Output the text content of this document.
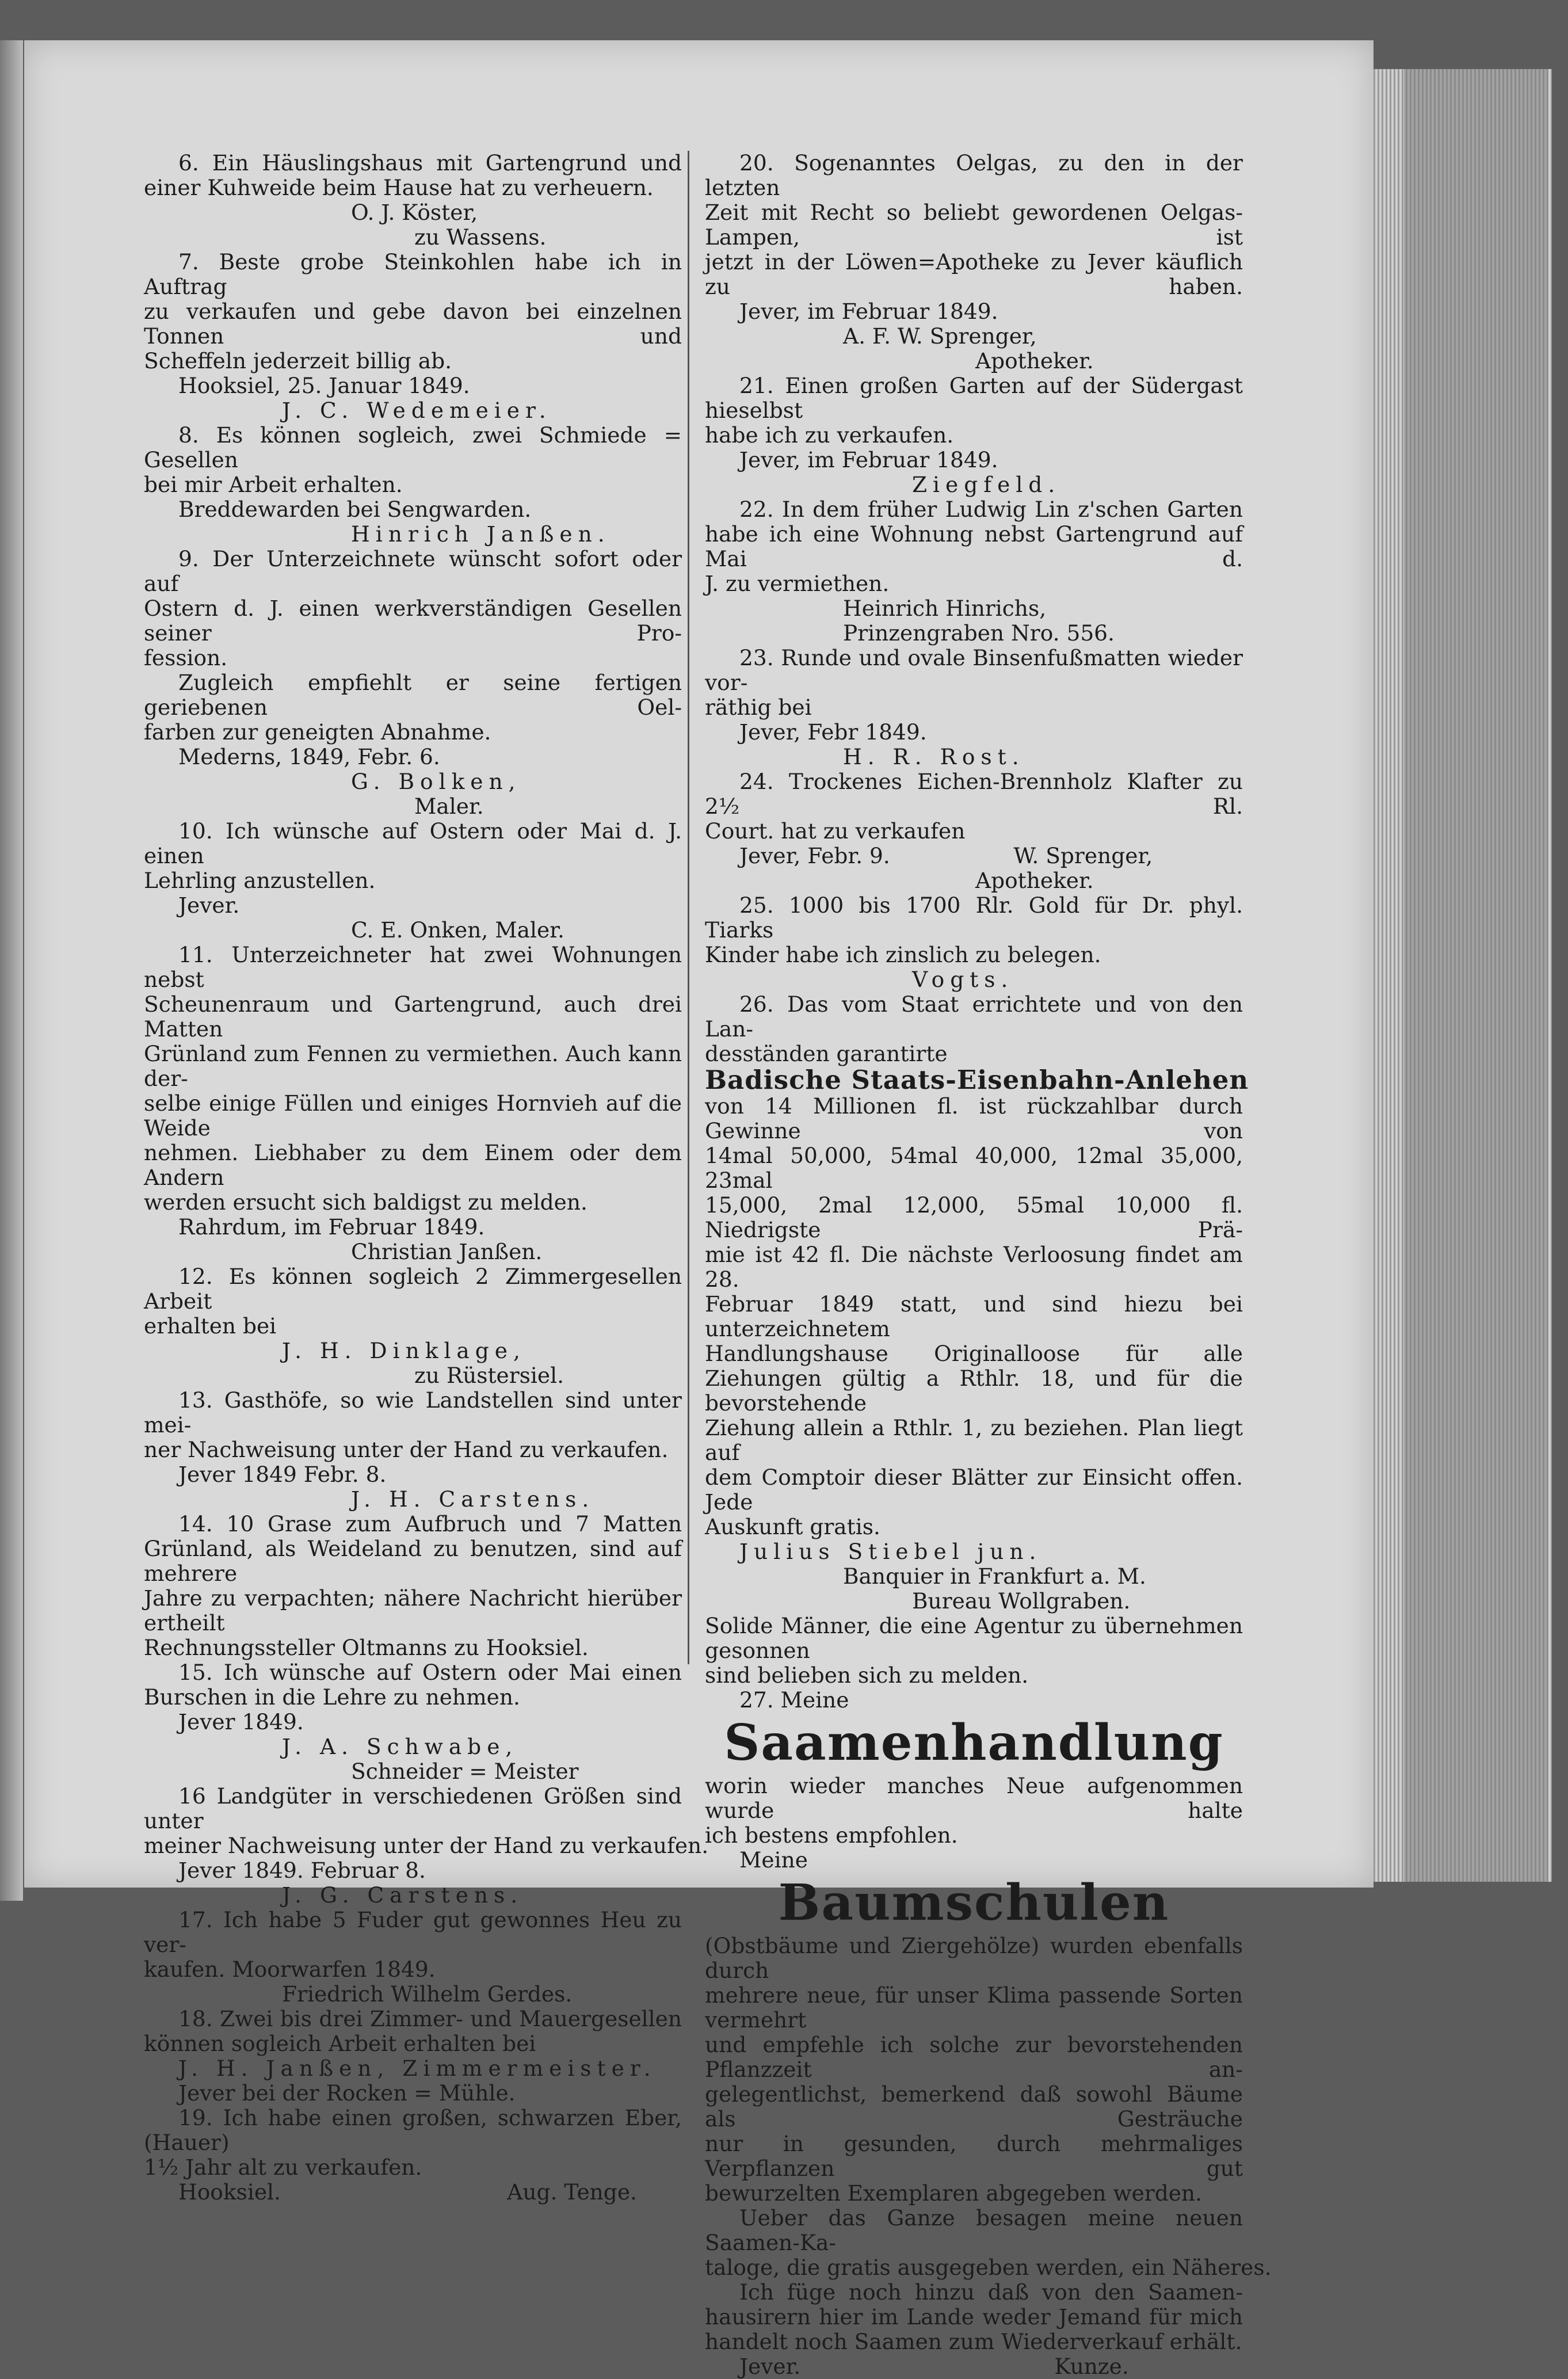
6. Ein Häuslingshaus mit Gartengrund und

einer Kuhweide beim Hause hat zu verheuern.

O. J. Köster,

zu Wassens.

7. Beste grobe Steinkohlen habe ich in Auftrag

zu verkaufen und gebe davon bei einzelnen Tonnen und

Scheffeln jederzeit billig ab.

Hooksiel, 25. Januar 1849.

J. C. Wedemeier.

8. Es können sogleich, zwei Schmiede = Gesellen

bei mir Arbeit erhalten.

Breddewarden bei Sengwarden.

Hinrich Janßen.

9. Der Unterzeichnete wünscht sofort oder auf

Ostern d. J. einen werkverständigen Gesellen seiner Pro-

fession.

Zugleich empfiehlt er seine fertigen geriebenen Oel-

farben zur geneigten Abnahme.

Mederns, 1849, Febr. 6.

G. Bolken,

Maler.

10. Ich wünsche auf Ostern oder Mai d. J. einen

Lehrling anzustellen.

Jever.

C. E. Onken, Maler.

11. Unterzeichneter hat zwei Wohnungen nebst

Scheunenraum und Gartengrund, auch drei Matten

Grünland zum Fennen zu vermiethen. Auch kann der-

selbe einige Füllen und einiges Hornvieh auf die Weide

nehmen. Liebhaber zu dem Einem oder dem Andern

werden ersucht sich baldigst zu melden.

Rahrdum, im Februar 1849.

Christian Janßen.

12. Es können sogleich 2 Zimmergesellen Arbeit

erhalten bei

J. H. Dinklage,

zu Rüstersiel.

13. Gasthöfe, so wie Landstellen sind unter mei-

ner Nachweisung unter der Hand zu verkaufen.

Jever 1849 Febr. 8.

J. H. Carstens.

14. 10 Grase zum Aufbruch und 7 Matten

Grünland, als Weideland zu benutzen, sind auf mehrere

Jahre zu verpachten; nähere Nachricht hierüber ertheilt

Rechnungssteller Oltmanns zu Hooksiel.

15. Ich wünsche auf Ostern oder Mai einen

Burschen in die Lehre zu nehmen.

Jever 1849.

J. A. Schwabe,

Schneider = Meister

16 Landgüter in verschiedenen Größen sind unter

meiner Nachweisung unter der Hand zu verkaufen.

Jever 1849. Februar 8.

J. G. Carstens.

17. Ich habe 5 Fuder gut gewonnes Heu zu ver-

kaufen. Moorwarfen 1849.

Friedrich Wilhelm Gerdes.

18. Zwei bis drei Zimmer- und Mauergesellen

können sogleich Arbeit erhalten bei

J. H. Janßen, Zimmermeister.

Jever bei der Rocken = Mühle.

19. Ich habe einen großen, schwarzen Eber, (Hauer)

1½ Jahr alt zu verkaufen.

Hooksiel.                                 Aug. Tenge.

20. Sogenanntes Oelgas, zu den in der letzten

Zeit mit Recht so beliebt gewordenen Oelgas-Lampen, ist

jetzt in der Löwen=Apotheke zu Jever käuflich zu haben.

Jever, im Februar 1849.

A. F. W. Sprenger,

Apotheker.

21. Einen großen Garten auf der Südergast hieselbst

habe ich zu verkaufen.

Jever, im Februar 1849.

Ziegfeld.

22. In dem früher Ludwig Lin z'schen Garten

habe ich eine Wohnung nebst Gartengrund auf Mai d.

J. zu vermiethen.

Heinrich Hinrichs,

Prinzengraben Nro. 556.

23. Runde und ovale Binsenfußmatten wieder vor-

räthig bei

Jever, Febr 1849.

H. R. Rost.

24. Trockenes Eichen-Brennholz Klafter zu 2½ Rl.

Court. hat zu verkaufen

Jever, Febr. 9.                  W. Sprenger,

Apotheker.

25. 1000 bis 1700 Rlr. Gold für Dr. phyl. Tiarks

Kinder habe ich zinslich zu belegen.

Vogts.

26. Das vom Staat errichtete und von den Lan-

desständen garantirte

Badische Staats-Eisenbahn-Anlehen

von 14 Millionen fl. ist rückzahlbar durch Gewinne von

14mal 50,000, 54mal 40,000, 12mal 35,000, 23mal

15,000, 2mal 12,000, 55mal 10,000 fl. Niedrigste Prä-

mie ist 42 fl. Die nächste Verloosung findet am 28.

Februar 1849 statt, und sind hiezu bei unterzeichnetem

Handlungshause Originalloose für alle

Ziehungen gültig a Rthlr. 18, und für die bevorstehende

Ziehung allein a Rthlr. 1, zu beziehen. Plan liegt auf

dem Comptoir dieser Blätter zur Einsicht offen. Jede

Auskunft gratis.

Julius Stiebel jun.

Banquier in Frankfurt a. M.

Bureau Wollgraben.

Solide Männer, die eine Agentur zu übernehmen gesonnen

sind belieben sich zu melden.

27. Meine

Saamenhandlung

worin wieder manches Neue aufgenommen wurde halte

ich bestens empfohlen.

Meine

Baumschulen

(Obstbäume und Ziergehölze) wurden ebenfalls durch

mehrere neue, für unser Klima passende Sorten vermehrt

und empfehle ich solche zur bevorstehenden Pflanzzeit an-

gelegentlichst, bemerkend daß sowohl Bäume als Gesträuche

nur in gesunden, durch mehrmaliges Verpflanzen gut

bewurzelten Exemplaren abgegeben werden.

Ueber das Ganze besagen meine neuen Saamen-Ka-

taloge, die gratis ausgegeben werden, ein Näheres.

Ich füge noch hinzu daß von den Saamen-

hausirern hier im Lande weder Jemand für mich

handelt noch Saamen zum Wiederverkauf erhält.

Jever.                                     Kunze.
